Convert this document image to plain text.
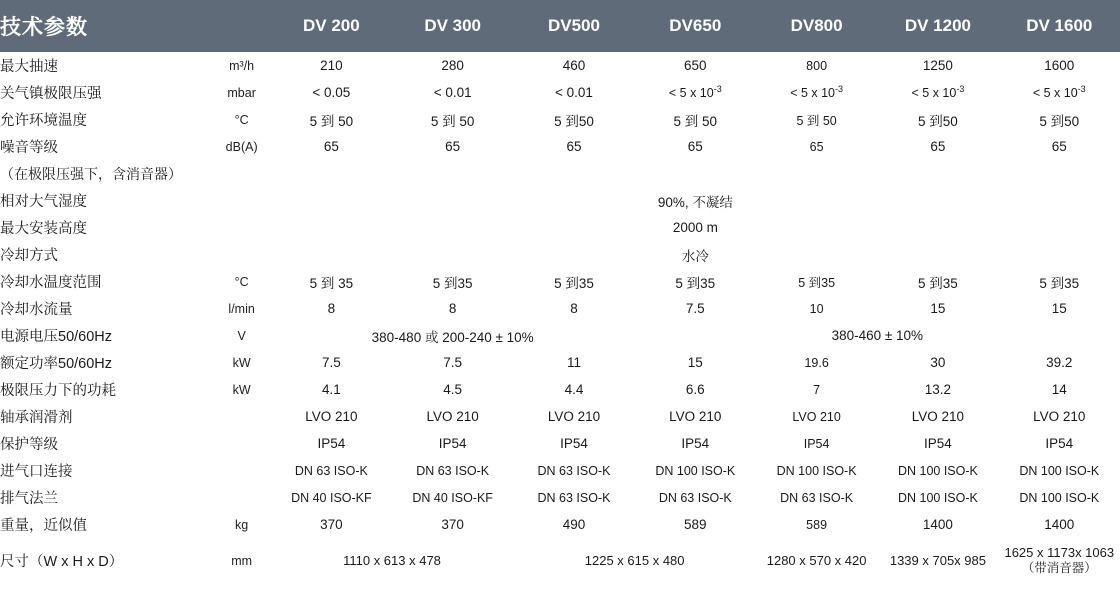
技术参数		DV 200	DV 300	DV500	DV650	DV800	DV 1200	DV 1600
最大抽速	m³/h	210	280	460	650	800	1250	1600
关气镇极限压强	mbar	< 0.05	< 0.01	< 0.01	< 5 x $10^{-3}$	< 5 x $10^{-3}$	< 5 x $10^{-3}$	< 5 x $10^{-3}$
允许环境温度	°C	5 到 50	5 到 50	5 到50	5 到 50	5 到 50	5 到50	5 到50
噪音等级	dB(A)	65	65	65	65	65	65	65
（在极限压强下，含消音器）								
相对大气湿度		90%, 不凝结						
最大安装高度		2000 m						
冷却方式		水冷						
冷却水温度范围	°C	5 到 35	5 到35	5 到35	5 到35	5 到35	5 到35	5 到35
冷却水流量	l/min	8	8	8	7.5	10	15	15
电源电压50/60Hz	V	380-480 或 200-240 ± 10%			380-460 ± 10%			
额定功率50/60Hz	kW	7.5	7.5	11	15	19.6	30	39.2
极限压力下的功耗	kW	4.1	4.5	4.4	6.6	7	13.2	14
轴承润滑剂		LVO 210	LVO 210	LVO 210	LVO 210	LVO 210	LVO 210	LVO 210
保护等级		IP54	IP54	IP54	IP54	IP54	IP54	IP54
进气口连接		DN 63 ISO-K	DN 63 ISO-K	DN 63 ISO-K	DN 100 ISO-K	DN 100 ISO-K	DN 100 ISO-K	DN 100 ISO-K
排气法兰		DN 40 ISO-KF	DN 40 ISO-KF	DN 63 ISO-K	DN 63 ISO-K	DN 63 ISO-K	DN 100 ISO-K	DN 100 ISO-K
重量，近似值	kg	370	370	490	589	589	1400	1400

尺寸（W x H x D）	mm	1110 x 613 x 478		1225 x 615 x 480		1280 x 570 x 420	1339 x 705x 985	1625 x 1173x 1063
（带消音器）
